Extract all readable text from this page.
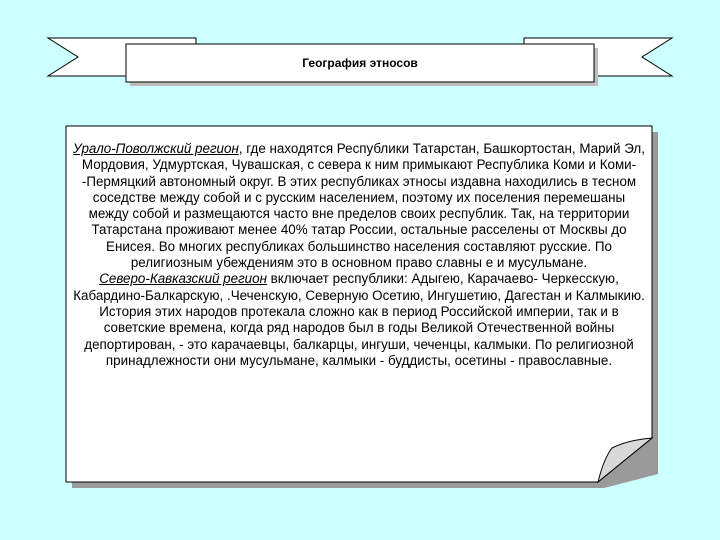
География этносов

Урало-Поволжский регион, где находятся Республики Татарстан, Башкортостан, Марий Эл, Мордовия, Удмуртская, Чувашская, с севера к ним примыкают Республика Коми и Коми- -Пермяцкий автономный округ. В этих республиках этносы издавна находились в тесном соседстве между собой и с русским населением, поэтому их поселения перемешаны между собой и размещаются часто вне пределов своих республик. Так, на территории Татарстана проживают менее 40% татар России, остальные расселены от Москвы до Енисея. Во многих республиках большинство населения составляют русские. По религиозным убеждениям это в основном право славны е и мусульмане.

Северо-Кавказский регион включает республики: Адыгею, Карачаево- Черкесскую, Кабардино-Балкарскую, .Чеченскую, Северную Осетию, Ингушетию, Дагестан и Калмыкию. История этих народов протекала сложно как в период Российской империи, так и в советские времена, когда ряд народов был в годы Великой Отечественной войны депортирован, - это карачаевцы, балкарцы, ингуши, чеченцы, калмыки. По религиозной принадлежности они мусульмане, калмыки - буддисты, осетины - православные.
